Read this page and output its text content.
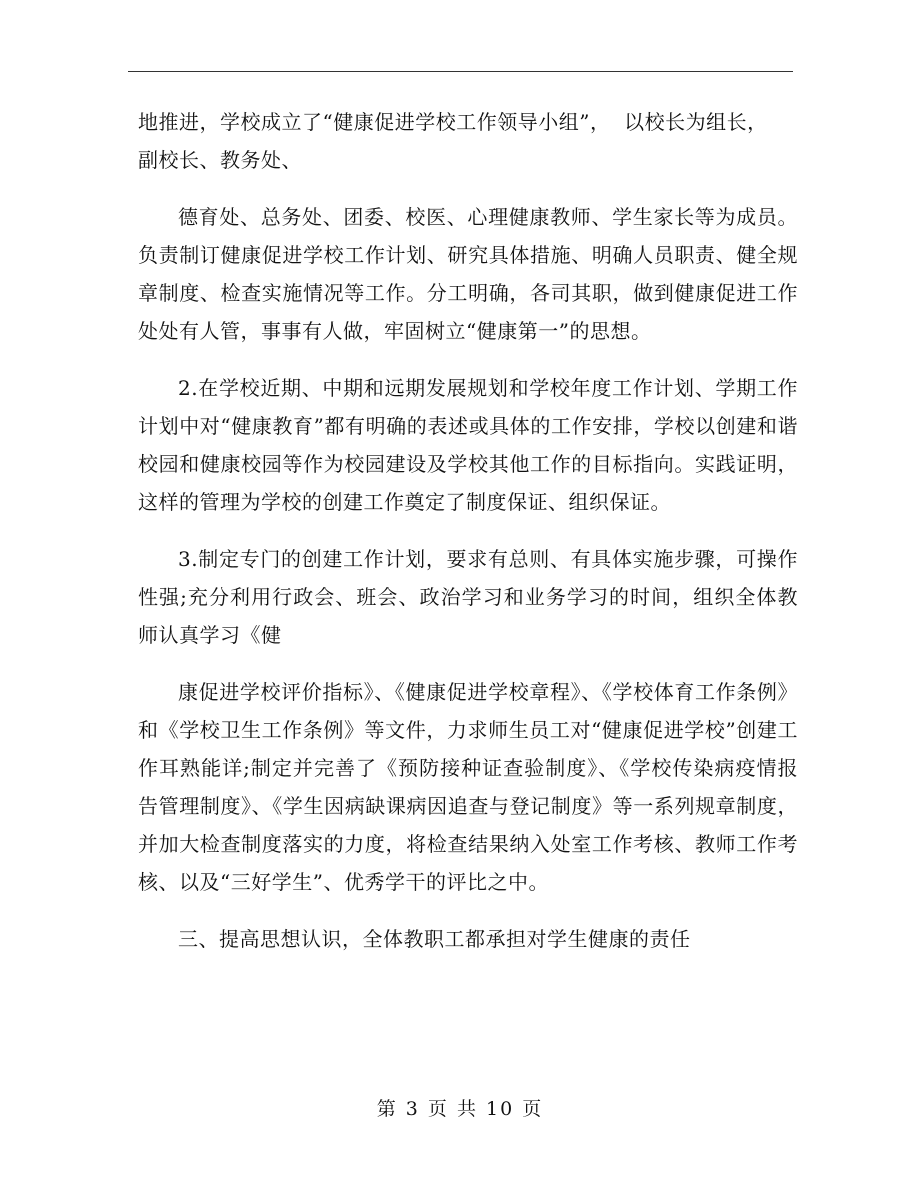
地推进，学校成立了“健康促进学校工作领导小组”，  以校长为组长，
副校长、教务处、

德育处、总务处、团委、校医、心理健康教师、学生家长等为成员。负责制订健康促进学校工作计划、研究具体措施、明确人员职责、健全规章制度、检查实施情况等工作。分工明确，各司其职，做到健康促进工作处处有人管，事事有人做，牢固树立“健康第一”的思想。

2.在学校近期、中期和远期发展规划和学校年度工作计划、学期工作计划中对“健康教育”都有明确的表述或具体的工作安排，学校以创建和谐校园和健康校园等作为校园建设及学校其他工作的目标指向。实践证明，这样的管理为学校的创建工作奠定了制度保证、组织保证。

3.制定专门的创建工作计划，要求有总则、有具体实施步骤，可操作性强;充分利用行政会、班会、政治学习和业务学习的时间，组织全体教师认真学习《健

康促进学校评价指标》、《健康促进学校章程》、《学校体育工作条例》和《学校卫生工作条例》等文件，力求师生员工对“健康促进学校”创建工作耳熟能详;制定并完善了《预防接种证查验制度》、《学校传染病疫情报告管理制度》、《学生因病缺课病因追查与登记制度》等一系列规章制度，并加大检查制度落实的力度，将检查结果纳入处室工作考核、教师工作考核、以及“三好学生”、优秀学干的评比之中。

三、提高思想认识，全体教职工都承担对学生健康的责任

第 3 页 共 10 页
